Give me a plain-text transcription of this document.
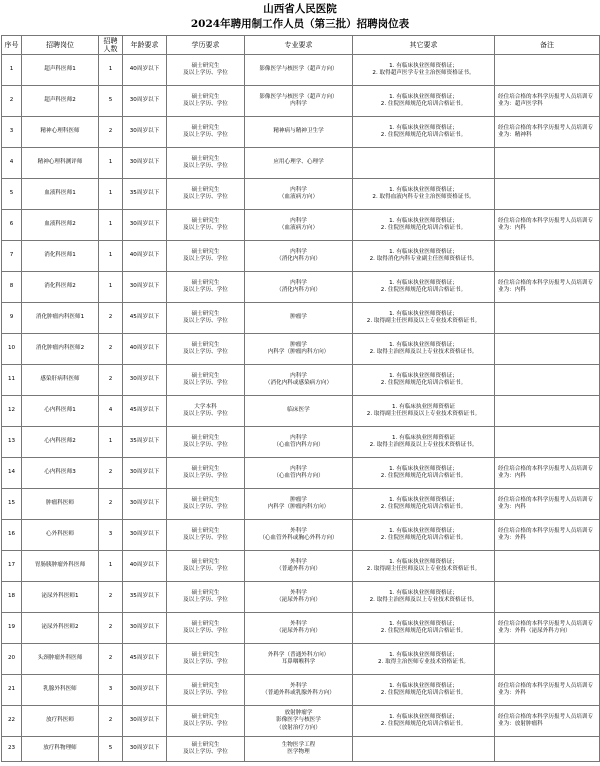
山西省人民医院
2024年聘用制工作人员（第三批）招聘岗位表
序号	招聘岗位	招聘
人数	年龄要求	学历要求	专业要求	其它要求	备注
1	超声科医师1	1	40周岁以下	硕士研究生
及以上学历、学位	影像医学与核医学（超声方向）	1. 有临床执业医师资格证；
2. 取得超声医学专业主治医师资格证书。	
2	超声科医师2	5	30周岁以下	硕士研究生
及以上学历、学位	影像医学与核医学（超声方向）
内科学	1. 有临床执业医师资格证；
2. 住院医师规范化培训合格证书。	经住培合格的本科学历报考人员培训专业为：超声医学科
3	精神心理科医师	2	30周岁以下	硕士研究生
及以上学历、学位	精神病与精神卫生学	1. 有临床执业医师资格证；
2. 住院医师规范化培训合格证书。	经住培合格的本科学历报考人员培训专业为：精神科
4	精神心理科测评师	1	30周岁以下	硕士研究生
及以上学历、学位	应用心理学、心理学		
5	血液科医师1	1	35周岁以下	硕士研究生
及以上学历、学位	内科学
（血液病方向）	1. 有临床执业医师资格证；
2. 取得血液内科专业主治医师资格证书。	
6	血液科医师2	1	30周岁以下	硕士研究生
及以上学历、学位	内科学
（血液病方向）	1. 有临床执业医师资格证；
2. 住院医师规范化培训合格证书。	经住培合格的本科学历报考人员培训专业为：内科
7	消化科医师1	1	40周岁以下	硕士研究生
及以上学历、学位	内科学
（消化内科方向）	1. 有临床执业医师资格证；
2. 取得消化内科专业副主任医师资格证书。	
8	消化科医师2	1	30周岁以下	硕士研究生
及以上学历、学位	内科学
（消化内科方向）	1. 有临床执业医师资格证；
2. 住院医师规范化培训合格证书。	经住培合格的本科学历报考人员培训专业为：内科
9	消化肿瘤内科医师1	2	45周岁以下	硕士研究生
及以上学历、学位	肿瘤学	1. 有临床执业医师资格证；
2. 取得副主任医师及以上专业技术资格证书。	
10	消化肿瘤内科医师2	2	40周岁以下	硕士研究生
及以上学历、学位	肿瘤学
内科学（肿瘤内科方向）	1. 有临床执业医师资格证；
2. 取得主治医师及以上专业技术资格证书。	
11	感染肝病科医师	2	30周岁以下	硕士研究生
及以上学历、学位	内科学
（消化内科或感染病方向）	1. 有临床执业医师资格证；
2. 住院医师规范化培训合格证书。	
12	心内科医师1	4	45周岁以下	大学本科
及以上学历、学位	临床医学	1. 有临床执业医师资格证
2. 取得副主任医师及以上专业技术资格证书。	
13	心内科医师2	1	35周岁以下	硕士研究生
及以上学历、学位	内科学
（心血管内科方向）	1. 有临床执业医师资格证
2. 取得主治医师及以上专业技术资格证书。	
14	心内科医师3	2	30周岁以下	硕士研究生
及以上学历、学位	内科学
（心血管内科方向）	1. 有临床执业医师资格证；
2. 住院医师规范化培训合格证书。	经住培合格的本科学历报考人员培训专业为：内科
15	肿瘤科医师	2	30周岁以下	硕士研究生
及以上学历、学位	肿瘤学
内科学（肿瘤内科方向）	1. 有临床执业医师资格证；
2. 住院医师规范化培训合格证书。	经住培合格的本科学历报考人员培训专业为：内科
16	心外科医师	3	30周岁以下	硕士研究生
及以上学历、学位	外科学
（心血管外科或胸心外科方向）	1. 有临床执业医师资格证；
2. 住院医师规范化培训合格证书。	经住培合格的本科学历报考人员培训专业为：外科
17	胃肠胰肿瘤外科医师	1	40周岁以下	硕士研究生
及以上学历、学位	外科学
（普通外科方向）	1. 有临床执业医师资格证；
2. 取得副主任医师及以上专业技术资格证书。	
18	泌尿外科医师1	2	35周岁以下	硕士研究生
及以上学历、学位	外科学
（泌尿外科方向）	1. 有临床执业医师资格证；
2. 取得主治医师及以上专业技术资格证书。	
19	泌尿外科医师2	2	30周岁以下	硕士研究生
及以上学历、学位	外科学
（泌尿外科方向）	1. 有临床执业医师资格证；
2. 住院医师规范化培训合格证书。	经住培合格的本科学历报考人员培训专业为：外科（泌尿外科方向）
20	头颈肿瘤外科医师	2	45周岁以下	硕士研究生
及以上学历、学位	外科学（普通外科方向）
耳鼻咽喉科学	1. 有临床执业医师资格证；
2. 取得主治医师专业技术资格证书。	
21	乳腺外科医师	3	30周岁以下	硕士研究生
及以上学历、学位	外科学
（普通外科或乳腺外科方向）	1. 有临床执业医师资格证；
2. 住院医师规范化培训合格证书。	经住培合格的本科学历报考人员培训专业为：外科
22	放疗科医师	2	30周岁以下	硕士研究生
及以上学历、学位	放射肿瘤学
影像医学与核医学
（放射治疗方向）	1. 有临床执业医师资格证；
2. 住院医师规范化培训合格证书。	经住培合格的本科学历报考人员培训专业为：放射肿瘤科
23	放疗科物理师	5	30周岁以下	硕士研究生
及以上学历、学位	生物医学工程
医学物理		
